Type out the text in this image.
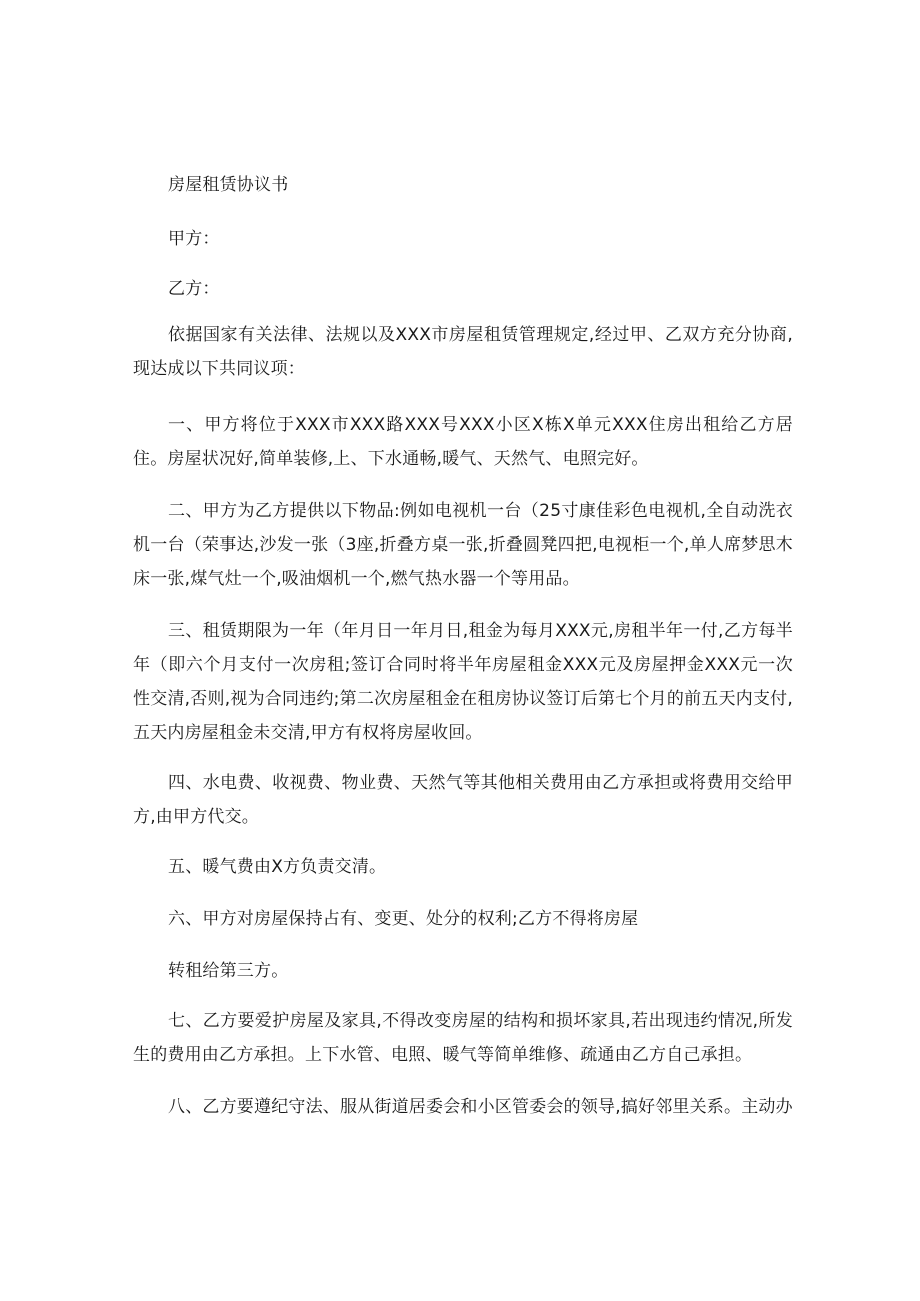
房屋租赁协议书

甲方：

乙方：

依据国家有关法律、法规以及XXX市房屋租赁管理规定,经过甲、乙双方充分协商,现达成以下共同议项：

一、甲方将位于XXX市XXX路XXX号XXX小区X栋X单元XXX住房出租给乙方居住。房屋状况好,简单装修,上、下水通畅,暖气、天然气、电照完好。

二、甲方为乙方提供以下物品:例如电视机一台（25寸康佳彩色电视机,全自动洗衣机一台（荣事达,沙发一张（3座,折叠方桌一张,折叠圆凳四把,电视柜一个,单人席梦思木床一张,煤气灶一个,吸油烟机一个,燃气热水器一个等用品。

三、租赁期限为一年（年月日一年月日,租金为每月XXX元,房租半年一付,乙方每半年（即六个月支付一次房租;签订合同时将半年房屋租金XXX元及房屋押金XXX元一次性交清,否则,视为合同违约;第二次房屋租金在租房协议签订后第七个月的前五天内支付,五天内房屋租金未交清,甲方有权将房屋收回。

四、水电费、收视费、物业费、天然气等其他相关费用由乙方承担或将费用交给甲方,由甲方代交。

五、暖气费由X方负责交清。

六、甲方对房屋保持占有、变更、处分的权利;乙方不得将房屋

转租给第三方。

七、乙方要爱护房屋及家具,不得改变房屋的结构和损坏家具,若出现违约情况,所发生的费用由乙方承担。上下水管、电照、暖气等简单维修、疏通由乙方自己承担。

八、乙方要遵纪守法、服从街道居委会和小区管委会的领导,搞好邻里关系。主动办
